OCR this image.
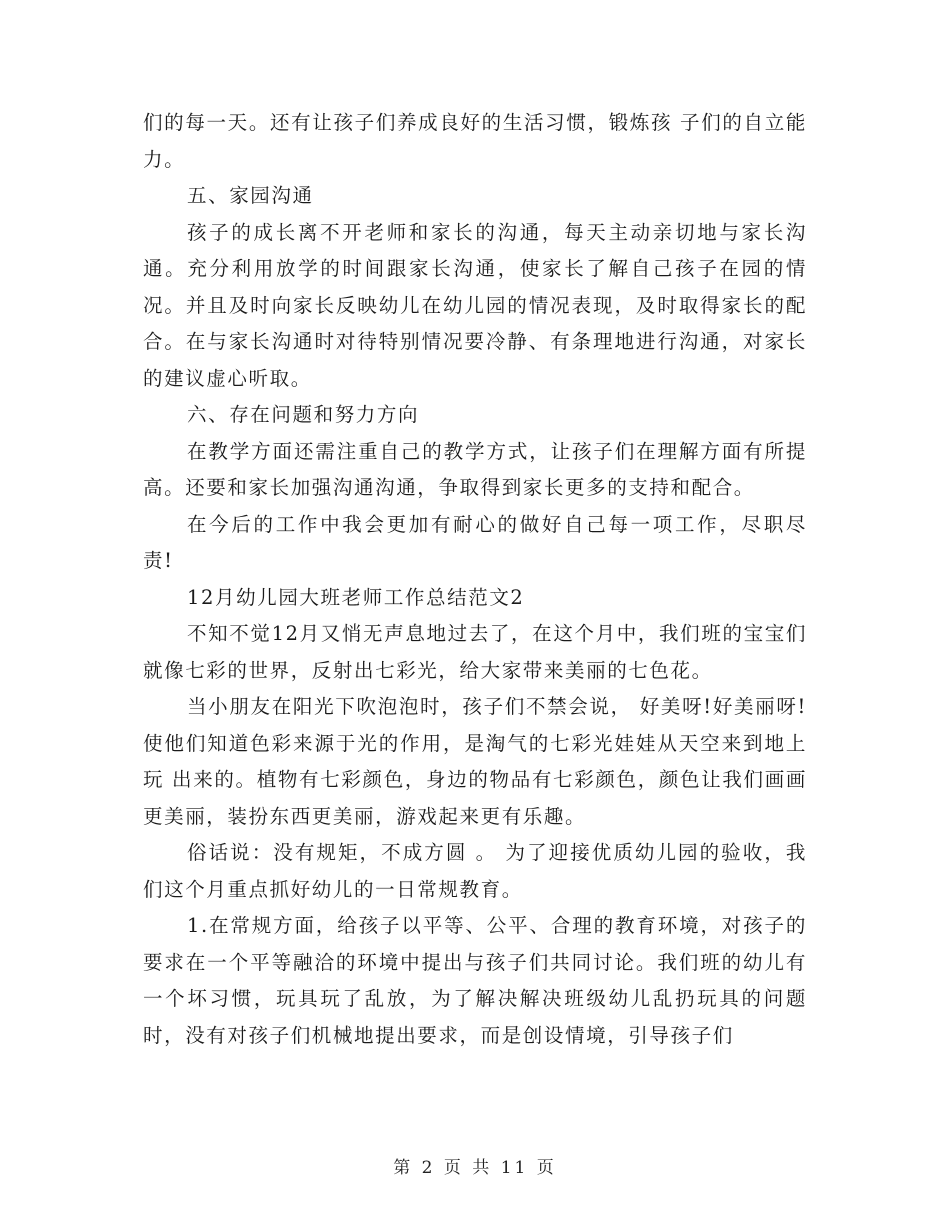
们的每一天。还有让孩子们养成良好的生活习惯，锻炼孩 子们的自立能力。

五、家园沟通

孩子的成长离不开老师和家长的沟通，每天主动亲切地与家长沟通。充分利用放学的时间跟家长沟通，使家长了解自己孩子在园的情况。并且及时向家长反映幼儿在幼儿园的情况表现，及时取得家长的配合。在与家长沟通时对待特别情况要冷静、有条理地进行沟通，对家长的建议虚心听取。

六、存在问题和努力方向

在教学方面还需注重自己的教学方式，让孩子们在理解方面有所提高。还要和家长加强沟通沟通，争取得到家长更多的支持和配合。

在今后的工作中我会更加有耐心的做好自己每一项工作，尽职尽责!

12月幼儿园大班老师工作总结范文2

不知不觉12月又悄无声息地过去了，在这个月中，我们班的宝宝们就像七彩的世界，反射出七彩光，给大家带来美丽的七色花。

当小朋友在阳光下吹泡泡时，孩子们不禁会说， 好美呀!好美丽呀! 使他们知道色彩来源于光的作用，是淘气的七彩光娃娃从天空来到地上 玩 出来的。植物有七彩颜色，身边的物品有七彩颜色，颜色让我们画画更美丽，装扮东西更美丽，游戏起来更有乐趣。

俗话说：没有规矩，不成方圆 。 为了迎接优质幼儿园的验收，我们这个月重点抓好幼儿的一日常规教育。

1.在常规方面，给孩子以平等、公平、合理的教育环境，对孩子的要求在一个平等融洽的环境中提出与孩子们共同讨论。我们班的幼儿有一个坏习惯，玩具玩了乱放，为了解决解决班级幼儿乱扔玩具的问题时，没有对孩子们机械地提出要求，而是创设情境，引导孩子们

第 2 页 共 11 页
